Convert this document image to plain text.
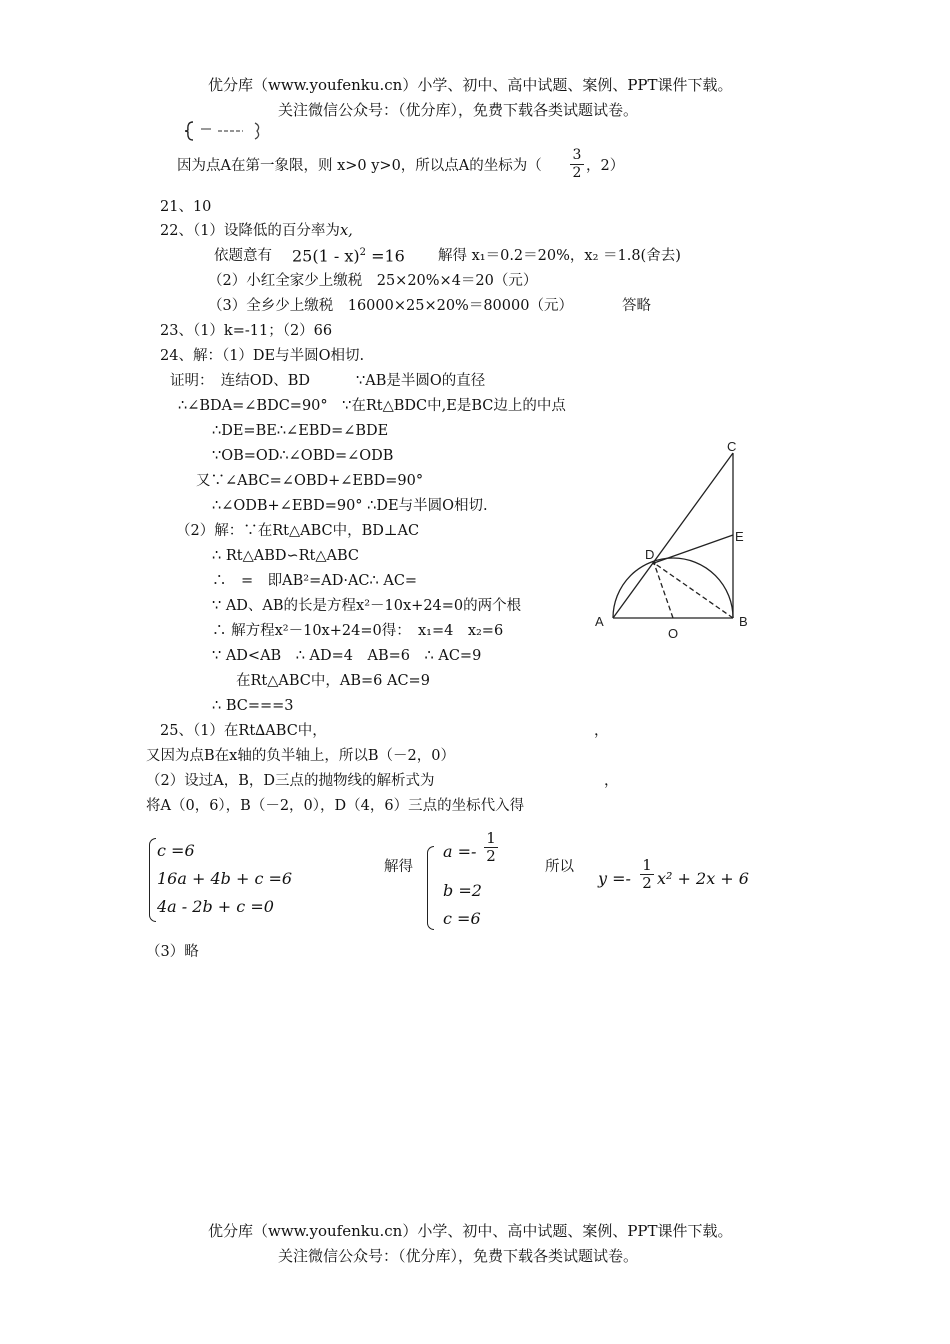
优分库（www.youfenku.cn）小学、初中、高中试题、案例、PPT课件下载。
关注微信公众号：（优分库），免费下载各类试题试卷。
因为点A在第一象限，则 x>0 y>0，所以点A的坐标为（
3
2 ，2）
21、10
22、（1）设降低的百分率为x,
依题意有 25(1 - x)$^2$ =16 解得 x₁＝0.2＝20%，x₂ ＝1.8(舍去)
（2）小红全家少上缴税　25×20%×4＝20（元）
（3）全乡少上缴税　16000×25×20%＝80000（元）	答略
23、（1）k=-11；（2）66
24、解：（1）DE与半圆O相切.
证明：　连结OD、BD	∵AB是半圆O的直径
∴∠BDA=∠BDC=90°　∵在Rt△BDC中,E是BC边上的中点
∴DE=BE∴∠EBD=∠BDE
∵OB=OD∴∠OBD=∠ODB
又∵∠ABC=∠OBD+∠EBD=90°
∴∠ODB+∠EBD=90° ∴DE与半圆O相切.
（2）解：∵在Rt△ABC中，BD⊥AC
∴ Rt△ABD∽Rt△ABC
∴　=　即AB²=AD·AC∴ AC=
∵ AD、AB的长是方程x²－10x+24=0的两个根
∴ 解方程x²－10x+24=0得：　x₁=4　x₂=6
∵ AD<AB　∴ AD=4　AB=6　∴ AC=9
在Rt△ABC中，AB=6 AC=9
∴ BC===3
C
E
D
A	B
O
25、（1）在Rt∆ABC中，	，
又因为点B在x轴的负半轴上，所以B（－2，0）
（2）设过A，B，D三点的抛物线的解析式为	，
将A（0，6），B（－2，0），D（4，6）三点的坐标代入得
c =6
16a + 4b + c =6
4a - 2b + c =0
解得
a =-
1
2
b =2
c =6
所以
y =-
1
2 x² + 2x + 6
（3）略
优分库（www.youfenku.cn）小学、初中、高中试题、案例、PPT课件下载。
关注微信公众号：（优分库），免费下载各类试题试卷。
